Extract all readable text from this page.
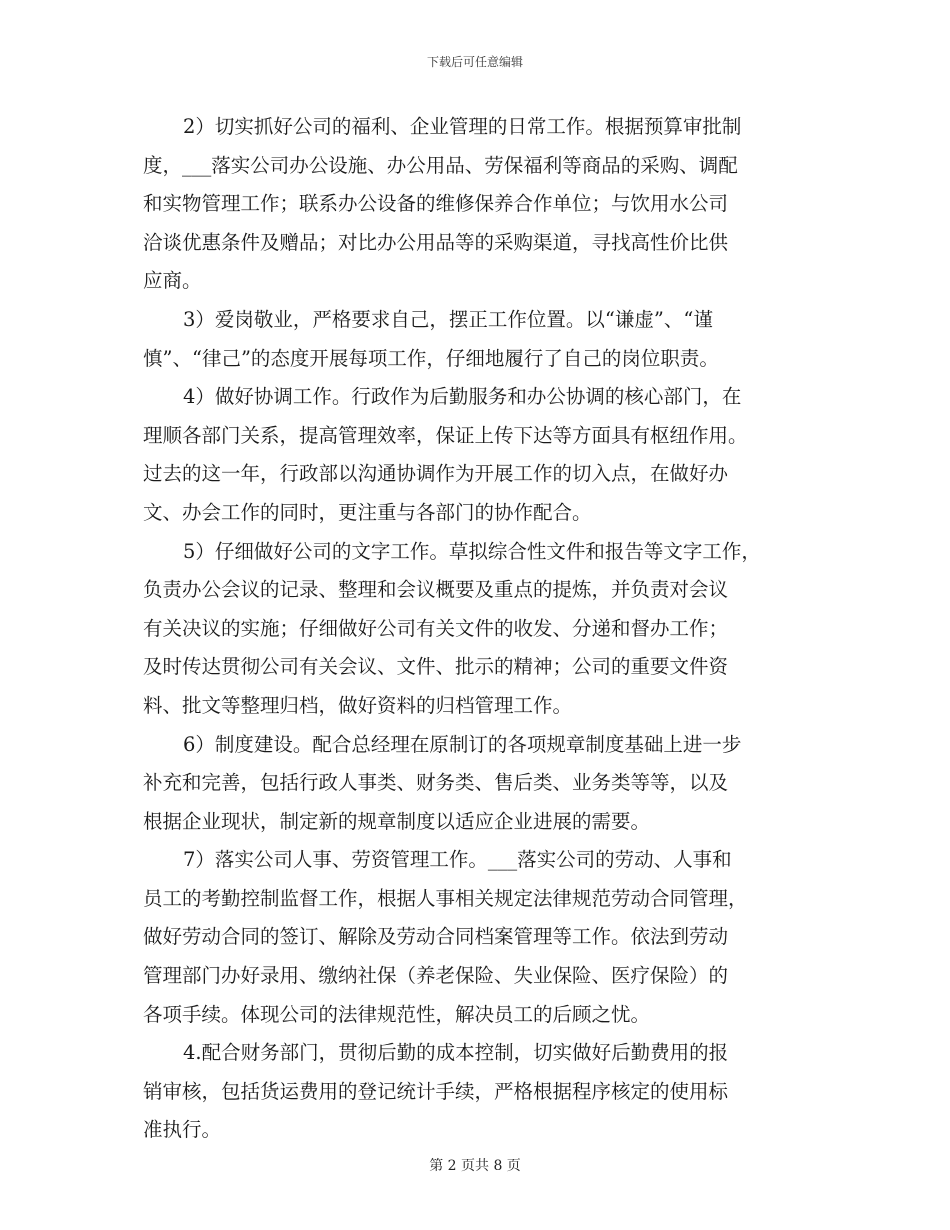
下载后可任意编辑

2）切实抓好公司的福利、企业管理的日常工作。根据预算审批制

度，___落实公司办公设施、办公用品、劳保福利等商品的采购、调配

和实物管理工作；联系办公设备的维修保养合作单位；与饮用水公司

洽谈优惠条件及赠品；对比办公用品等的采购渠道，寻找高性价比供

应商。

3）爱岗敬业，严格要求自己，摆正工作位置。以“谦虚”、“谨

慎”、“律己”的态度开展每项工作，仔细地履行了自己的岗位职责。

4）做好协调工作。行政作为后勤服务和办公协调的核心部门，在

理顺各部门关系，提高管理效率，保证上传下达等方面具有枢纽作用。

过去的这一年，行政部以沟通协调作为开展工作的切入点，在做好办

文、办会工作的同时，更注重与各部门的协作配合。

5）仔细做好公司的文字工作。草拟综合性文件和报告等文字工作，

负责办公会议的记录、整理和会议概要及重点的提炼，并负责对会议

有关决议的实施；仔细做好公司有关文件的收发、分递和督办工作；

及时传达贯彻公司有关会议、文件、批示的精神；公司的重要文件资

料、批文等整理归档，做好资料的归档管理工作。

6）制度建设。配合总经理在原制订的各项规章制度基础上进一步

补充和完善，包括行政人事类、财务类、售后类、业务类等等，以及

根据企业现状，制定新的规章制度以适应企业进展的需要。

7）落实公司人事、劳资管理工作。___落实公司的劳动、人事和

员工的考勤控制监督工作，根据人事相关规定法律规范劳动合同管理，

做好劳动合同的签订、解除及劳动合同档案管理等工作。依法到劳动

管理部门办好录用、缴纳社保（养老保险、失业保险、医疗保险）的

各项手续。体现公司的法律规范性，解决员工的后顾之忧。

4.配合财务部门，贯彻后勤的成本控制，切实做好后勤费用的报

销审核，包括货运费用的登记统计手续，严格根据程序核定的使用标

准执行。

第 2 页共 8 页
